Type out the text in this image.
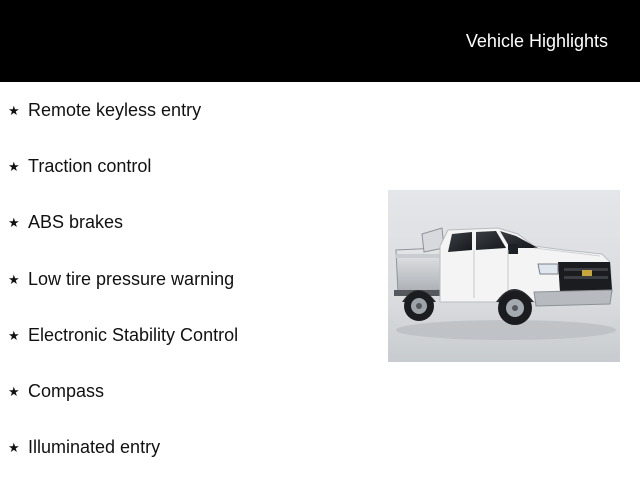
Vehicle Highlights
★ Remote keyless entry
★ Traction control
★ ABS brakes
★ Low tire pressure warning
★ Electronic Stability Control
★ Compass
★ Illuminated entry
